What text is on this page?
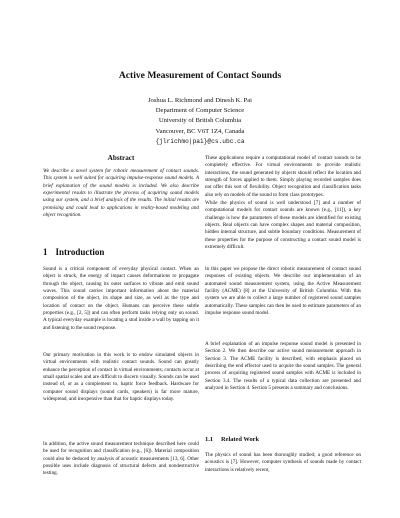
Active Measurement of Contact Sounds
Joshua L. Richmond and Dinesh K. Pai
Department of Computer Science
University of British Columbia
Vancouver, BC V6T 1Z4, Canada
{jlrichmo|pai}@cs.ubc.ca
Abstract

We describe a novel system for robotic measurement of contact sounds. This system is well suited for acquiring impulse-response sound models. A brief explanation of the sound models is included. We also describe experimental results to illustrate the process of acquiring sound models using our system, and a brief analysis of the results. The initial results are promising and could lead to applications in reality-based modeling and object recognition.

1 Introduction

Sound is a critical component of everyday physical contact. When an object is struck, the energy of impact causes deformations to propagate through the object, causing its outer surfaces to vibrate and emit sound waves. This sound carries important information about the material composition of the object, its shape and size, as well as the type and location of contact on the object. Humans can perceive these subtle properties (e.g., [2, 5]) and can often perform tasks relying only on sound. A typical everyday example is locating a stud inside a wall by tapping on it and listening to the sound response.

Our primary motivation in this work is to endow simulated objects in virtual environments with realistic contact sounds. Sound can greatly enhance the perception of contact in virtual environments; contacts occur at small spatial scales and are difficult to discern visually. Sounds can be used instead of, or as a complement to, haptic force feedback. Hardware for computer sound displays (sound cards, speakers) is far more mature, widespread, and inexpensive than that for haptic displays today.

In addition, the active sound measurement technique described here could be used for recognition and classification (e.g., [6]). Material composition could also be deduced by analysis of acoustic measurements [13, 6]. Other possible uses include diagnosis of structural defects and nondestructive testing.

These applications require a computational model of contact sounds to be completely effective. For virtual environments to provide realistic interactions, the sound generated by objects should reflect the location and strength of forces applied to them. Simply playing recorded samples does not offer this sort of flexibility. Object recognition and classification tasks also rely on models of the sound to form class prototypes.

While the physics of sound is well understood [7] and a number of computational models for contact sounds are known (e.g., [11]), a key challenge is how the parameters of these models are identified for existing objects. Real objects can have complex shapes and material composition, hidden internal structure, and subtle boundary conditions. Measurement of these properties for the purpose of constructing a contact sound model is extremely difficult.

In this paper we propose the direct robotic measurement of contact sound responses of existing objects. We describe our implementation of an automated sound measurement system, using the Active Measurement facility (ACME) [8] at the University of British Columbia. With this system we are able to collect a large number of registered sound samples automatically. These samples can then be used to estimate parameters of an impulse response sound model.

A brief explanation of an impulse response sound model is presented in Section 2. We then describe our active sound measurement approach in Section 3. The ACME facility is described, with emphasis placed on describing the end effector used to acquire the sound samples. The general process of acquiring registered sound samples with ACME is included in Section 3.4. The results of a typical data collection are presented and analyzed in Section 4. Section 5 presents a summary and conclusions.

1.1 Related Work

The physics of sound has been thoroughly studied; a good reference on acoustics is [7]. However, computer synthesis of sounds made by contact interactions is relatively recent,
